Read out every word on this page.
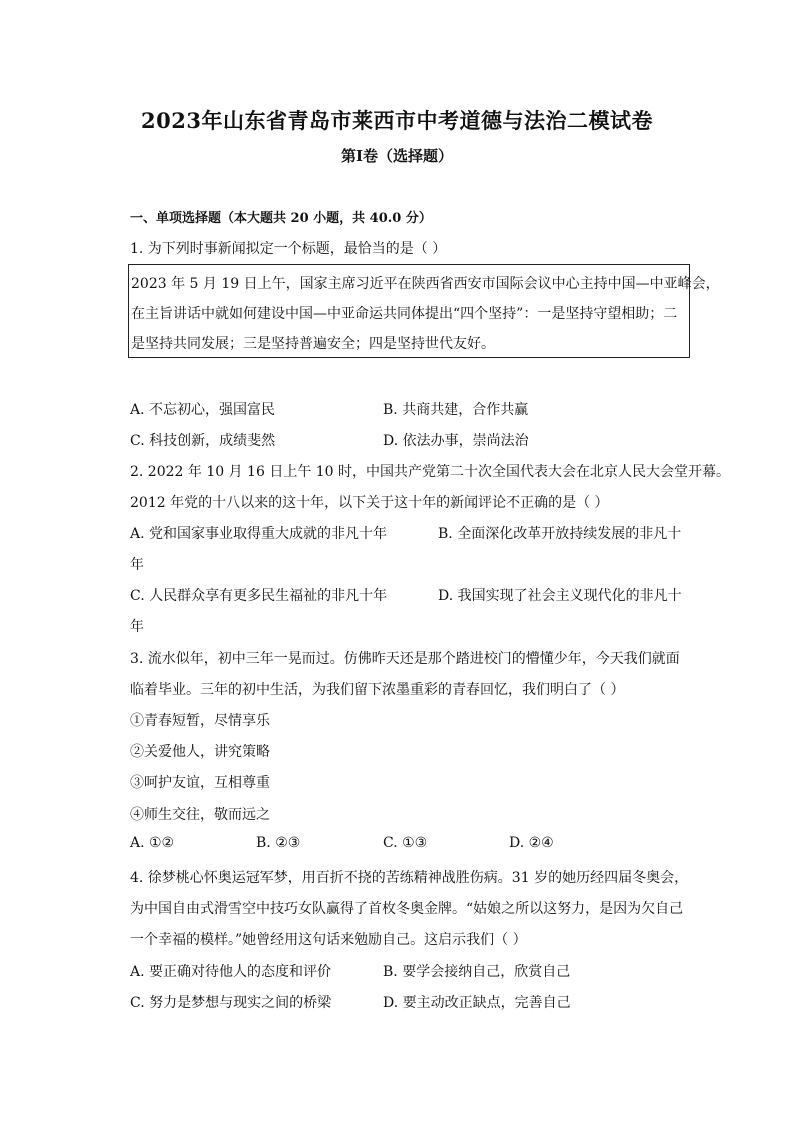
2023年山东省青岛市莱西市中考道德与法治二模试卷
第Ⅰ卷（选择题）
一、单项选择题（本大题共 20 小题，共 40.0 分）
1. 为下列时事新闻拟定一个标题，最恰当的是（ ）
2023 年 5 月 19 日上午，国家主席习近平在陕西省西安市国际会议中心主持中国—中亚峰会，
在主旨讲话中就如何建设中国—中亚命运共同体提出“四个坚持”：一是坚持守望相助；二
是坚持共同发展；三是坚持普遍安全；四是坚持世代友好。
A. 不忘初心，强国富民	B. 共商共建，合作共赢
C. 科技创新，成绩斐然	D. 依法办事，崇尚法治
2. 2022 年 10 月 16 日上午 10 时，中国共产党第二十次全国代表大会在北京人民大会堂开幕。
2012 年党的十八以来的这十年，以下关于这十年的新闻评论不正确的是（ ）
A. 党和国家事业取得重大成就的非凡十年	B. 全面深化改革开放持续发展的非凡十
年
C. 人民群众享有更多民生福祉的非凡十年	D. 我国实现了社会主义现代化的非凡十
年
3. 流水似年，初中三年一晃而过。仿佛昨天还是那个踏进校门的懵懂少年，今天我们就面
临着毕业。三年的初中生活，为我们留下浓墨重彩的青春回忆，我们明白了（ ）
①青春短暂，尽情享乐
②关爱他人，讲究策略
③呵护友谊，互相尊重
④师生交往，敬而远之
A. ①②	B. ②③	C. ①③	D. ②④
4. 徐梦桃心怀奥运冠军梦，用百折不挠的苦练精神战胜伤病。31 岁的她历经四届冬奥会，
为中国自由式滑雪空中技巧女队赢得了首枚冬奥金牌。“姑娘之所以这努力，是因为欠自己
一个幸福的模样。”她曾经用这句话来勉励自己。这启示我们（ ）
A. 要正确对待他人的态度和评价	B. 要学会接纳自己，欣赏自己
C. 努力是梦想与现实之间的桥梁	D. 要主动改正缺点，完善自己
